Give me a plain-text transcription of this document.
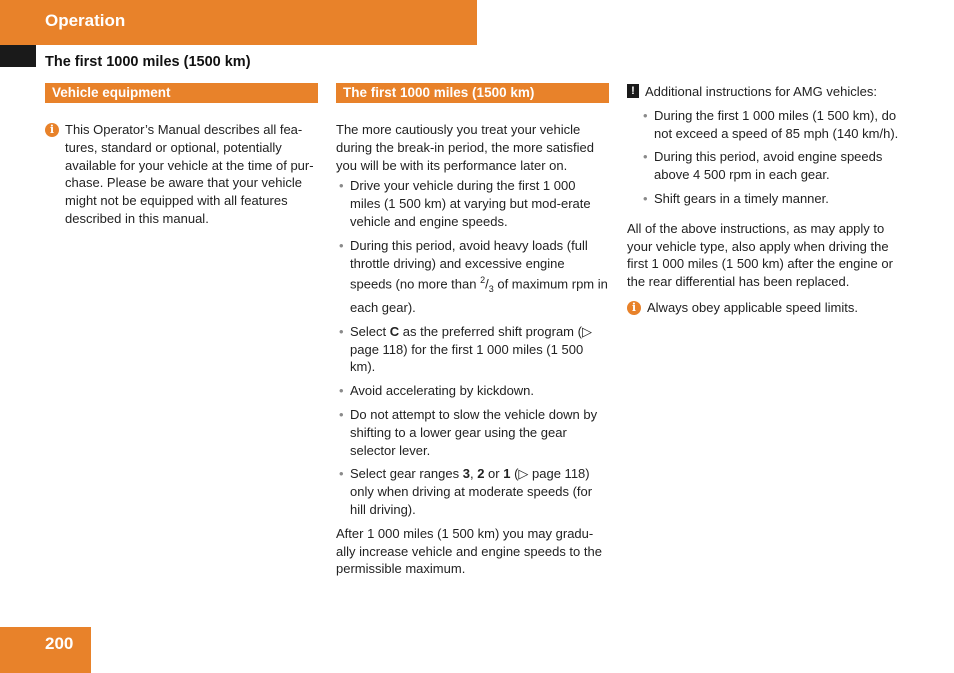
Operation
The first 1000 miles (1500 km)
Vehicle equipment
i This Operator’s Manual describes all fea-tures, standard or optional, potentially available for your vehicle at the time of pur-chase. Please be aware that your vehicle might not be equipped with all features described in this manual.

The first 1000 miles (1500 km)

The more cautiously you treat your vehicle during the break-in period, the more satisfied you will be with its performance later on.

• Drive your vehicle during the first 1 000 miles (1 500 km) at varying but mod-erate vehicle and engine speeds.
• During this period, avoid heavy loads (full throttle driving) and excessive engine speeds (no more than $^2/_3$ of maximum rpm in each gear).
• Select C as the preferred shift program (▷ page 118) for the first 1 000 miles (1 500 km).
• Avoid accelerating by kickdown.
• Do not attempt to slow the vehicle down by shifting to a lower gear using the gear selector lever.
• Select gear ranges 3, 2 or 1 (▷ page 118) only when driving at moderate speeds (for hill driving).

After 1 000 miles (1 500 km) you may gradu-ally increase vehicle and engine speeds to the permissible maximum.

! Additional instructions for AMG vehicles:

• During the first 1 000 miles (1 500 km), do not exceed a speed of 85 mph (140 km/h).
• During this period, avoid engine speeds above 4 500 rpm in each gear.
• Shift gears in a timely manner.

All of the above instructions, as may apply to your vehicle type, also apply when driving the first 1 000 miles (1 500 km) after the engine or the rear differential has been replaced.

i Always obey applicable speed limits.

200
